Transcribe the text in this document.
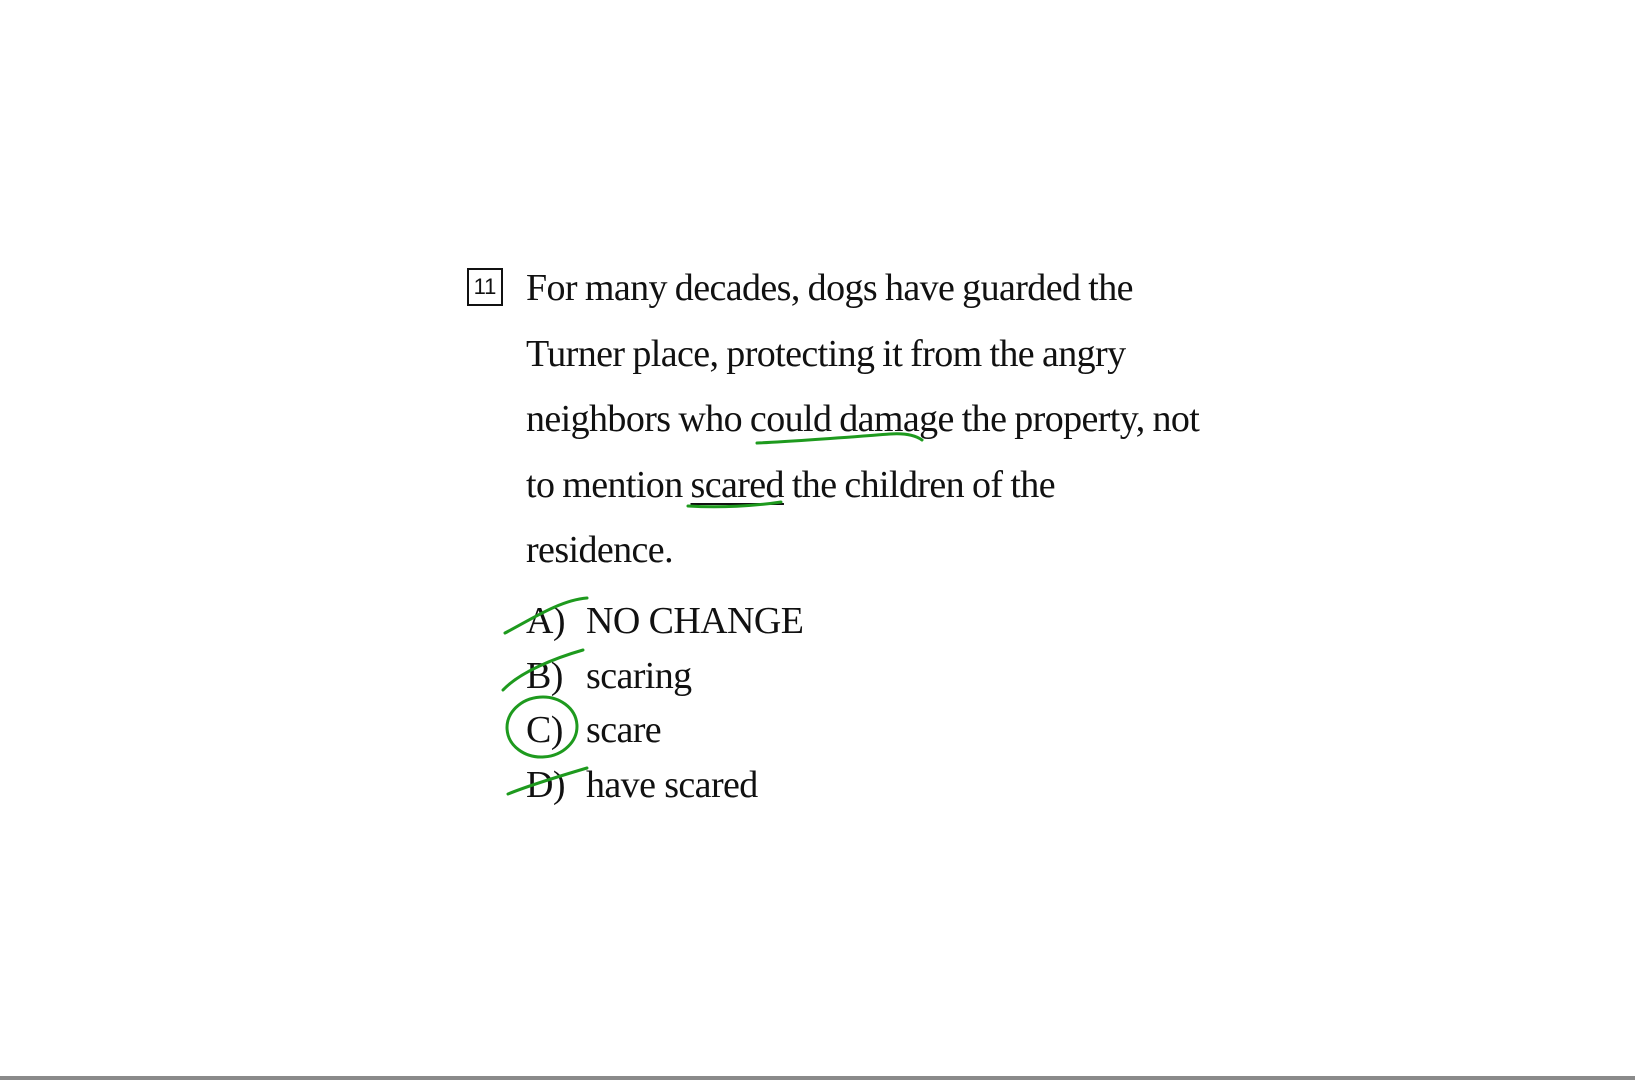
11 For many decades, dogs have guarded the
Turner place, protecting it from the angry
neighbors who could damage the property, not
to mention scared the children of the
residence.
A) NO CHANGE
B) scaring
C) scare
D) have scared
